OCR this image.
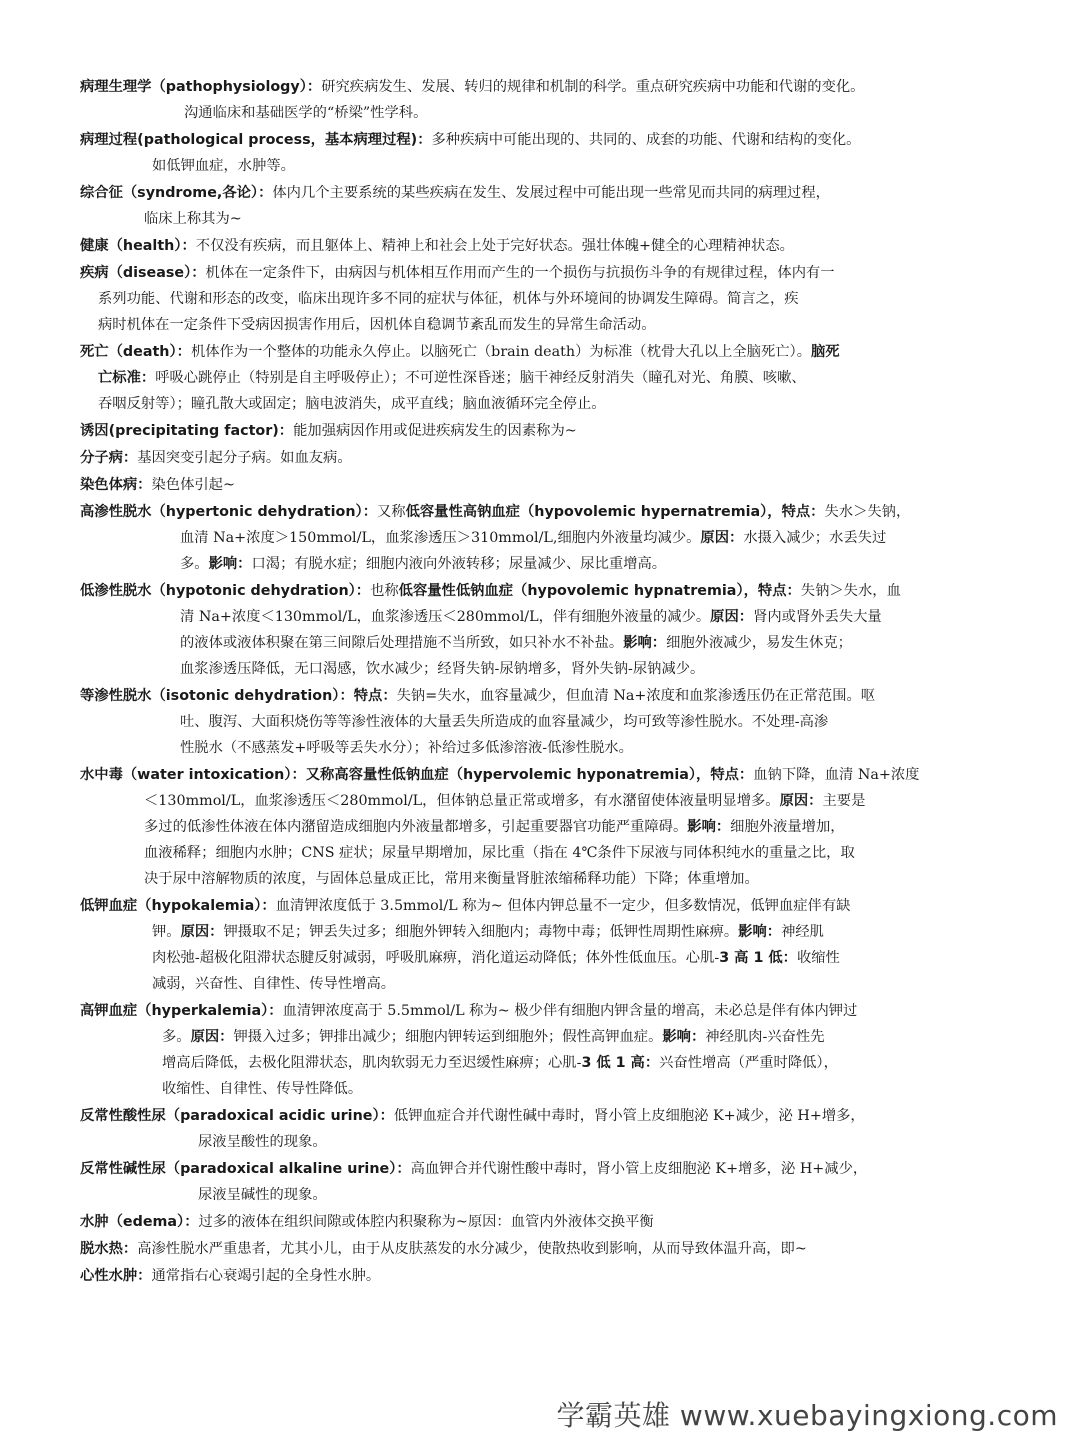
病理生理学（pathophysiology）：研究疾病发生、发展、转归的规律和机制的科学。重点研究疾病中功能和代谢的变化。
沟通临床和基础医学的“桥梁”性学科。
病理过程(pathological process，基本病理过程)：多种疾病中可能出现的、共同的、成套的功能、代谢和结构的变化。
如低钾血症，水肿等。
综合征（syndrome,各论）：体内几个主要系统的某些疾病在发生、发展过程中可能出现一些常见而共同的病理过程，
临床上称其为~
健康（health）：不仅没有疾病，而且躯体上、精神上和社会上处于完好状态。强壮体魄+健全的心理精神状态。
疾病（disease）：机体在一定条件下，由病因与机体相互作用而产生的一个损伤与抗损伤斗争的有规律过程，体内有一
系列功能、代谢和形态的改变，临床出现许多不同的症状与体征，机体与外环境间的协调发生障碍。简言之，疾
病时机体在一定条件下受病因损害作用后，因机体自稳调节紊乱而发生的异常生命活动。
死亡（death）：机体作为一个整体的功能永久停止。以脑死亡（brain death）为标准（枕骨大孔以上全脑死亡）。脑死
亡标准：呼吸心跳停止（特别是自主呼吸停止）；不可逆性深昏迷；脑干神经反射消失（瞳孔对光、角膜、咳嗽、
吞咽反射等）；瞳孔散大或固定；脑电波消失，成平直线；脑血液循环完全停止。
诱因(precipitating factor)：能加强病因作用或促进疾病发生的因素称为~
分子病：基因突变引起分子病。如血友病。
染色体病：染色体引起~
高渗性脱水（hypertonic dehydration）：又称低容量性高钠血症（hypovolemic hypernatremia），特点：失水＞失钠，
血清 Na+浓度＞150mmol/L，血浆渗透压＞310mmol/L,细胞内外液量均减少。原因：水摄入减少；水丢失过
多。影响：口渴；有脱水症；细胞内液向外液转移；尿量减少、尿比重增高。
低渗性脱水（hypotonic dehydration）：也称低容量性低钠血症（hypovolemic hypnatremia），特点：失钠＞失水，血
清 Na+浓度＜130mmol/L，血浆渗透压＜280mmol/L，伴有细胞外液量的减少。原因：肾内或肾外丢失大量
的液体或液体积聚在第三间隙后处理措施不当所致，如只补水不补盐。影响：细胞外液减少，易发生休克；
血浆渗透压降低，无口渴感，饮水减少；经肾失钠-尿钠增多，肾外失钠-尿钠减少。
等渗性脱水（isotonic dehydration）：特点：失钠=失水，血容量减少，但血清 Na+浓度和血浆渗透压仍在正常范围。呕
吐、腹泻、大面积烧伤等等渗性液体的大量丢失所造成的血容量减少，均可致等渗性脱水。不处理-高渗
性脱水（不感蒸发+呼吸等丢失水分）；补给过多低渗溶液-低渗性脱水。
水中毒（water intoxication）：又称高容量性低钠血症（hypervolemic hyponatremia），特点：血钠下降，血清 Na+浓度
＜130mmol/L，血浆渗透压＜280mmol/L，但体钠总量正常或增多，有水潴留使体液量明显增多。原因：主要是
多过的低渗性体液在体内潴留造成细胞内外液量都增多，引起重要器官功能严重障碍。影响：细胞外液量增加，
血液稀释；细胞内水肿；CNS 症状；尿量早期增加，尿比重（指在 4℃条件下尿液与同体积纯水的重量之比，取
决于尿中溶解物质的浓度，与固体总量成正比，常用来衡量肾脏浓缩稀释功能）下降；体重增加。
低钾血症（hypokalemia）：血清钾浓度低于 3.5mmol/L 称为~ 但体内钾总量不一定少，但多数情况，低钾血症伴有缺
钾。原因：钾摄取不足；钾丢失过多；细胞外钾转入细胞内；毒物中毒；低钾性周期性麻痹。影响：神经肌
肉松弛-超极化阻滞状态腱反射减弱，呼吸肌麻痹，消化道运动降低；体外性低血压。心肌-3 高 1 低：收缩性
减弱，兴奋性、自律性、传导性增高。
高钾血症（hyperkalemia）：血清钾浓度高于 5.5mmol/L 称为~ 极少伴有细胞内钾含量的增高，未必总是伴有体内钾过
多。原因：钾摄入过多；钾排出减少；细胞内钾转运到细胞外；假性高钾血症。影响：神经肌肉-兴奋性先
增高后降低，去极化阻滞状态，肌肉软弱无力至迟缓性麻痹；心肌-3 低 1 高：兴奋性增高（严重时降低），
收缩性、自律性、传导性降低。
反常性酸性尿（paradoxical acidic urine）：低钾血症合并代谢性碱中毒时，肾小管上皮细胞泌 K+减少，泌 H+增多，
尿液呈酸性的现象。
反常性碱性尿（paradoxical alkaline urine）：高血钾合并代谢性酸中毒时，肾小管上皮细胞泌 K+增多，泌 H+减少，
尿液呈碱性的现象。
水肿（edema）：过多的液体在组织间隙或体腔内积聚称为~原因：血管内外液体交换平衡
脱水热：高渗性脱水严重患者，尤其小儿，由于从皮肤蒸发的水分减少，使散热收到影响，从而导致体温升高，即~
心性水肿：通常指右心衰竭引起的全身性水肿。
学霸英雄 www.xuebayingxiong.com
